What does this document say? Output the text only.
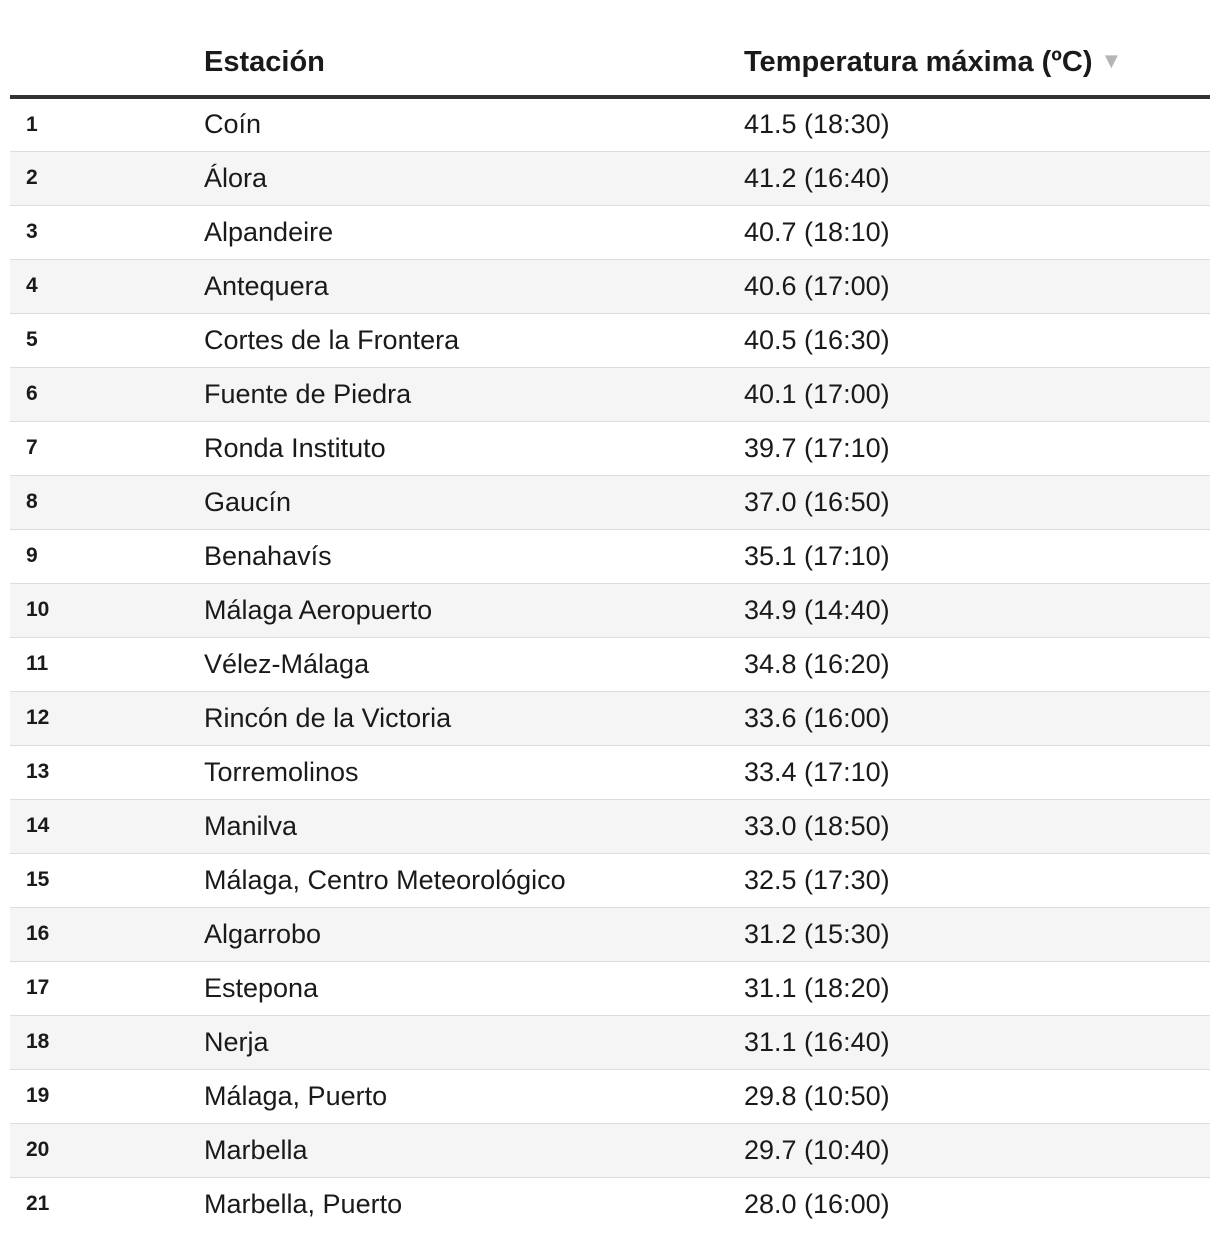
	Estación	Temperatura máxima (ºC) ▼
1	Coín	41.5 (18:30)
2	Álora	41.2 (16:40)
3	Alpandeire	40.7 (18:10)
4	Antequera	40.6 (17:00)
5	Cortes de la Frontera	40.5 (16:30)
6	Fuente de Piedra	40.1 (17:00)
7	Ronda Instituto	39.7 (17:10)
8	Gaucín	37.0 (16:50)
9	Benahavís	35.1 (17:10)
10	Málaga Aeropuerto	34.9 (14:40)
11	Vélez-Málaga	34.8 (16:20)
12	Rincón de la Victoria	33.6 (16:00)
13	Torremolinos	33.4 (17:10)
14	Manilva	33.0 (18:50)
15	Málaga, Centro Meteorológico	32.5 (17:30)
16	Algarrobo	31.2 (15:30)
17	Estepona	31.1 (18:20)
18	Nerja	31.1 (16:40)
19	Málaga, Puerto	29.8 (10:50)
20	Marbella	29.7 (10:40)
21	Marbella, Puerto	28.0 (16:00)
